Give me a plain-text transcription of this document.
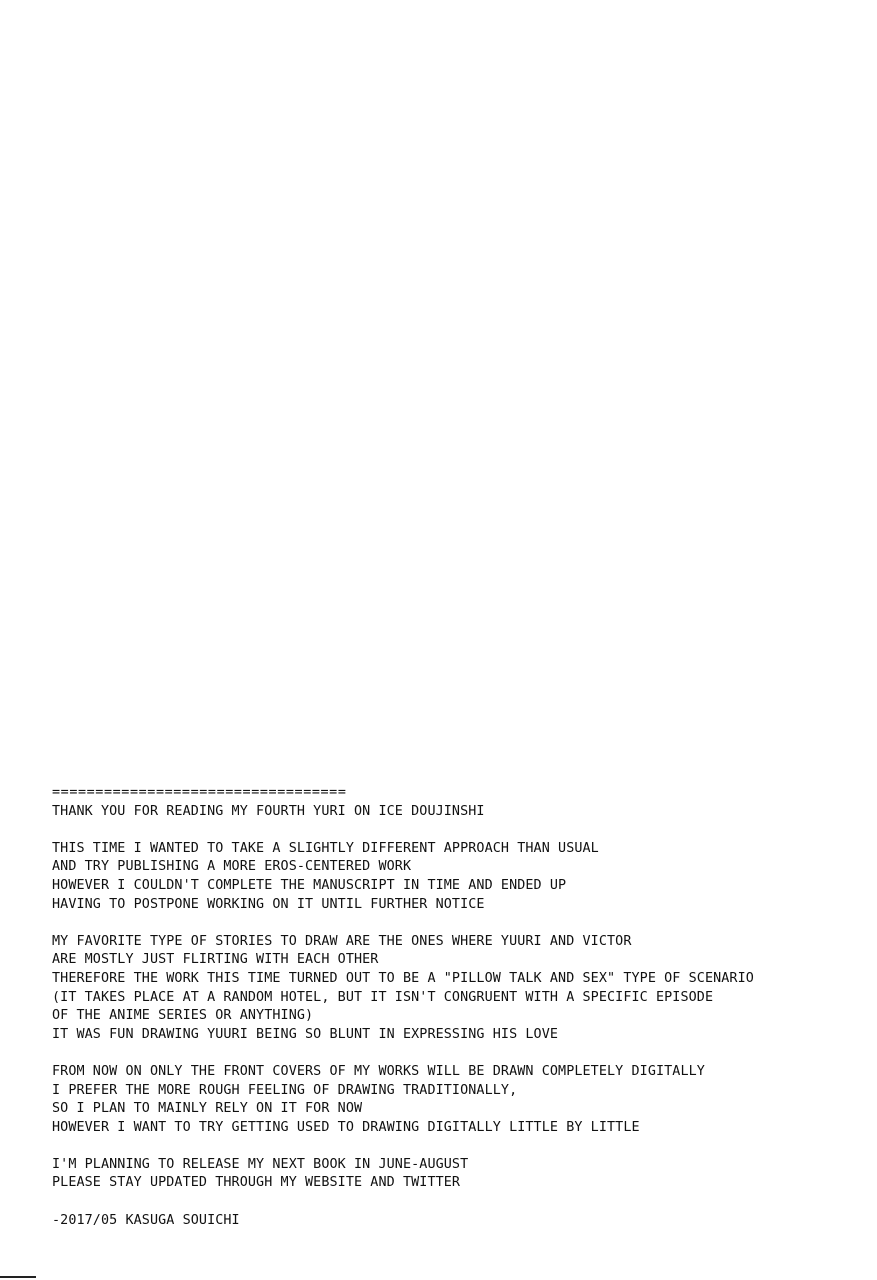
==================================
THANK YOU FOR READING MY FOURTH YURI ON ICE DOUJINSHI
THIS TIME I WANTED TO TAKE A SLIGHTLY DIFFERENT APPROACH THAN USUAL
AND TRY PUBLISHING A MORE EROS-CENTERED WORK
HOWEVER I COULDN'T COMPLETE THE MANUSCRIPT IN TIME AND ENDED UP
HAVING TO POSTPONE WORKING ON IT UNTIL FURTHER NOTICE
MY FAVORITE TYPE OF STORIES TO DRAW ARE THE ONES WHERE YUURI AND VICTOR
ARE MOSTLY JUST FLIRTING WITH EACH OTHER
THEREFORE THE WORK THIS TIME TURNED OUT TO BE A "PILLOW TALK AND SEX" TYPE OF SCENARIO
(IT TAKES PLACE AT A RANDOM HOTEL, BUT IT ISN'T CONGRUENT WITH A SPECIFIC EPISODE
OF THE ANIME SERIES OR ANYTHING)
IT WAS FUN DRAWING YUURI BEING SO BLUNT IN EXPRESSING HIS LOVE
FROM NOW ON ONLY THE FRONT COVERS OF MY WORKS WILL BE DRAWN COMPLETELY DIGITALLY
I PREFER THE MORE ROUGH FEELING OF DRAWING TRADITIONALLY,
SO I PLAN TO MAINLY RELY ON IT FOR NOW
HOWEVER I WANT TO TRY GETTING USED TO DRAWING DIGITALLY LITTLE BY LITTLE
I'M PLANNING TO RELEASE MY NEXT BOOK IN JUNE-AUGUST
PLEASE STAY UPDATED THROUGH MY WEBSITE AND TWITTER
-2017/05 KASUGA SOUICHI
